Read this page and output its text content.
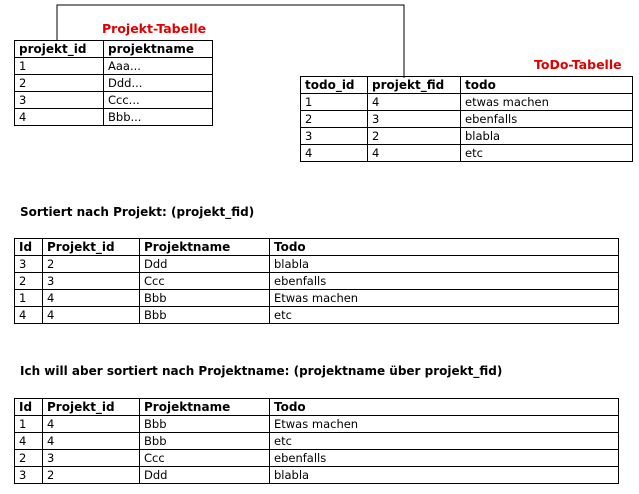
Projekt-Tabelle
projekt_id	projektname
1	Aaa...
2	Ddd...
3	Ccc...
4	Bbb...
ToDo-Tabelle
todo_id	projekt_fid	todo
1	4	etwas machen
2	3	ebenfalls
3	2	blabla
4	4	etc
Sortiert nach Projekt: (projekt_fid)
Id	Projekt_id	Projektname	Todo
3	2	Ddd	blabla
2	3	Ccc	ebenfalls
1	4	Bbb	Etwas machen
4	4	Bbb	etc
Ich will aber sortiert nach Projektname: (projektname über projekt_fid)
Id	Projekt_id	Projektname	Todo
1	4	Bbb	Etwas machen
4	4	Bbb	etc
2	3	Ccc	ebenfalls
3	2	Ddd	blabla
